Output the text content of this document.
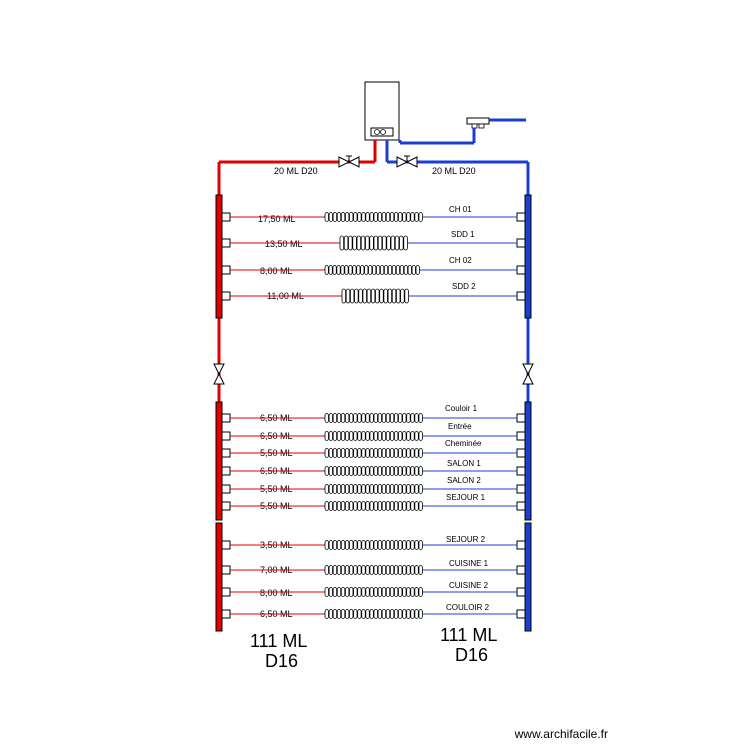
20 ML D20	20 ML D20
17,50 ML
13,50 ML
8,00 ML
11,00 ML
CH 01
SDD 1
CH 02
SDD 2
6,50 ML
6,50 ML
5,50 ML
6,50 ML
5,50 ML
5,50 ML
3,50 ML
7,00 ML
8,00 ML
6,50 ML
Couloir 1
Entrée
Cheminée
SALON 1
SALON 2
SEJOUR 1
SEJOUR 2
CUISINE 1
CUISINE 2
COULOIR 2
111 ML
D16
111 ML
D16
www.archifacile.fr
